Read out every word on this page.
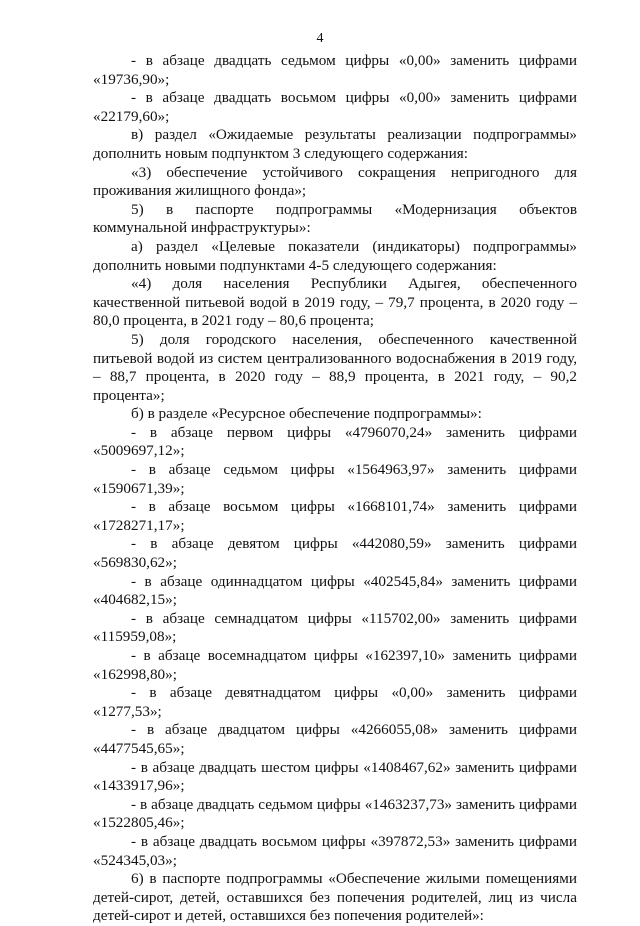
4

- в абзаце двадцать седьмом цифры «0,00» заменить цифрами «19736,90»;

- в абзаце двадцать восьмом цифры «0,00» заменить цифрами «22179,60»;

в) раздел «Ожидаемые результаты реализации подпрограммы» дополнить новым подпунктом 3 следующего содержания:

«3) обеспечение устойчивого сокращения непригодного для проживания жилищного фонда»;

5) в паспорте подпрограммы «Модернизация объектов коммунальной инфраструктуры»:

а) раздел «Целевые показатели (индикаторы) подпрограммы» дополнить новыми подпунктами 4-5 следующего содержания:

«4) доля населения Республики Адыгея, обеспеченного качественной питьевой водой в 2019 году, – 79,7 процента, в 2020 году – 80,0 процента, в 2021 году – 80,6 процента;

5) доля городского населения, обеспеченного качественной питьевой водой из систем централизованного водоснабжения в 2019 году, – 88,7 процента, в 2020 году – 88,9 процента, в 2021 году, – 90,2 процента»;

б) в разделе «Ресурсное обеспечение подпрограммы»:

- в абзаце первом цифры «4796070,24» заменить цифрами «5009697,12»;

- в абзаце седьмом цифры «1564963,97» заменить цифрами «1590671,39»;

- в абзаце восьмом цифры «1668101,74» заменить цифрами «1728271,17»;

- в абзаце девятом цифры «442080,59» заменить цифрами «569830,62»;

- в абзаце одиннадцатом цифры «402545,84» заменить цифрами «404682,15»;

- в абзаце семнадцатом цифры «115702,00» заменить цифрами «115959,08»;

- в абзаце восемнадцатом цифры «162397,10» заменить цифрами «162998,80»;

- в абзаце девятнадцатом цифры «0,00» заменить цифрами «1277,53»;

- в абзаце двадцатом цифры «4266055,08» заменить цифрами «4477545,65»;

- в абзаце двадцать шестом цифры «1408467,62» заменить цифрами «1433917,96»;

- в абзаце двадцать седьмом цифры «1463237,73» заменить цифрами «1522805,46»;

- в абзаце двадцать восьмом цифры «397872,53» заменить цифрами «524345,03»;

6) в паспорте подпрограммы «Обеспечение жилыми помещениями детей-сирот, детей, оставшихся без попечения родителей, лиц из числа детей-сирот и детей, оставшихся без попечения родителей»:
